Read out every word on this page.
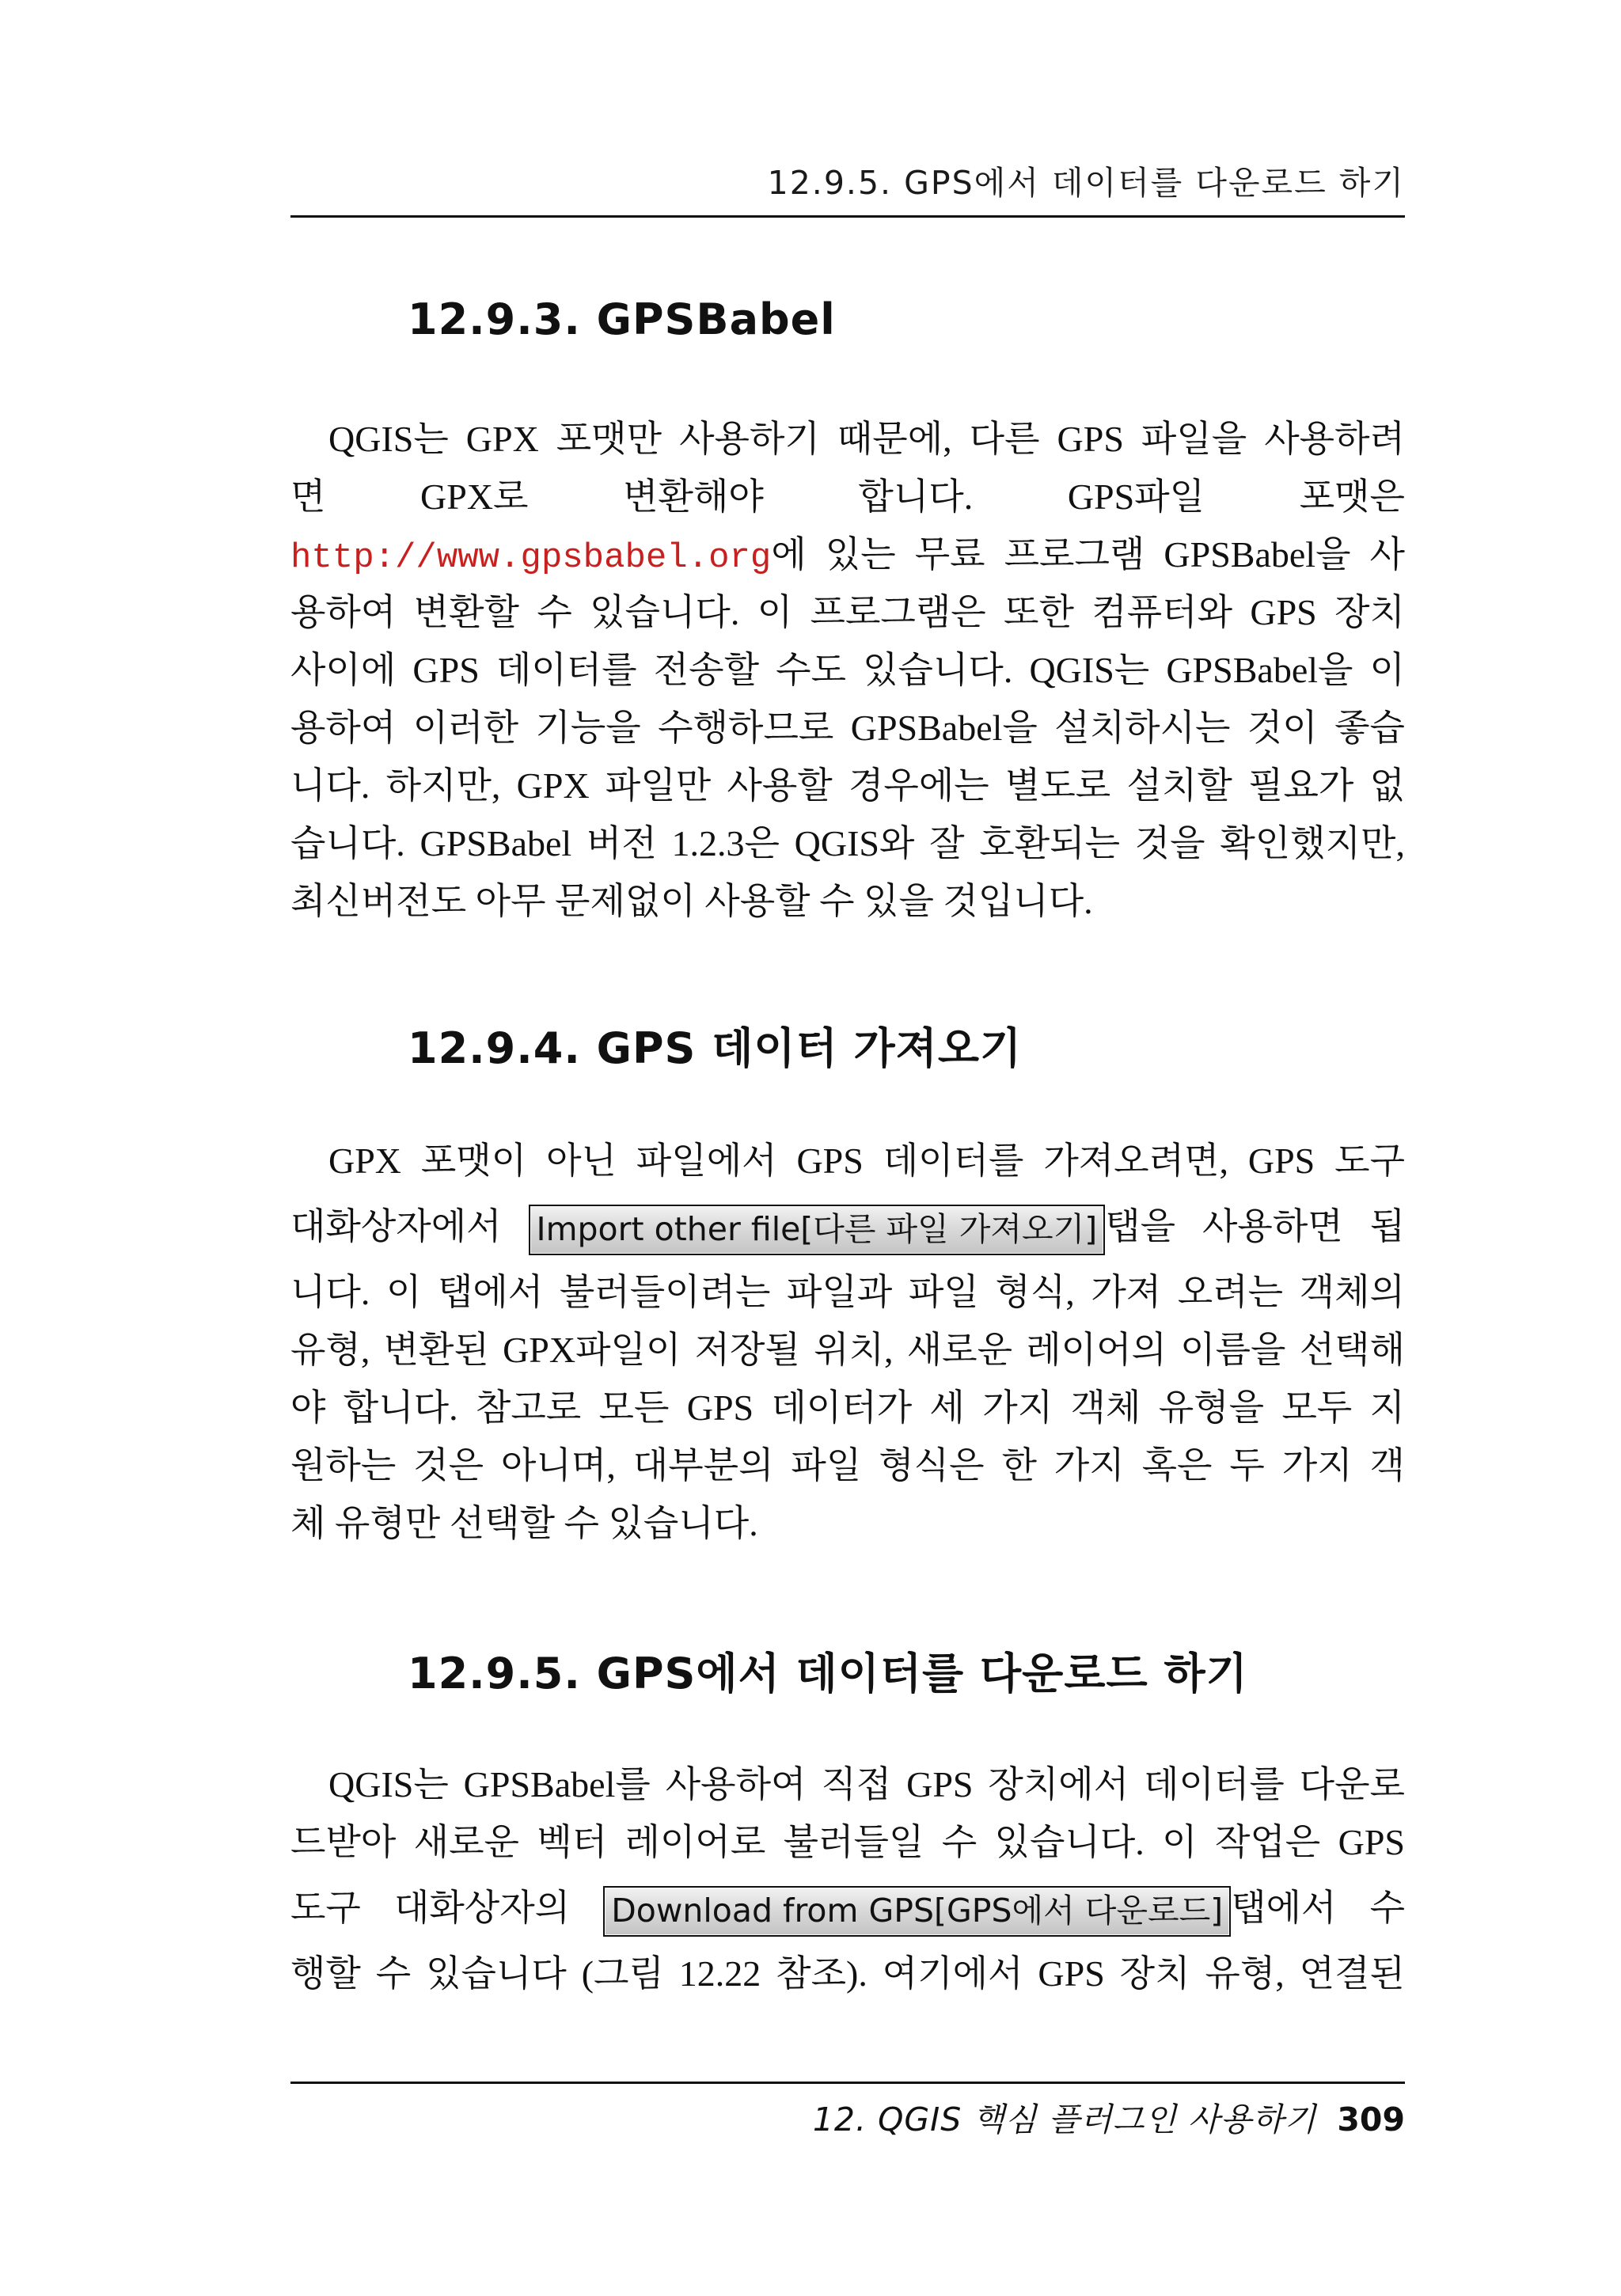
12.9.5. GPS에서 데이터를 다운로드 하기
12.9.3. GPSBabel
QGIS는 GPX 포맷만 사용하기 때문에, 다른 GPS 파일을 사용하려
면 GPX로 변환해야 합니다. GPS파일 포맷은
http://www.gpsbabel.org에 있는 무료 프로그램 GPSBabel을 사
용하여 변환할 수 있습니다. 이 프로그램은 또한 컴퓨터와 GPS 장치
사이에 GPS 데이터를 전송할 수도 있습니다. QGIS는 GPSBabel을 이
용하여 이러한 기능을 수행하므로 GPSBabel을 설치하시는 것이 좋습
니다. 하지만, GPX 파일만 사용할 경우에는 별도로 설치할 필요가 없
습니다. GPSBabel 버전 1.2.3은 QGIS와 잘 호환되는 것을 확인했지만,
최신버전도 아무 문제없이 사용할 수 있을 것입니다.
12.9.4. GPS 데이터 가져오기
GPX 포맷이 아닌 파일에서 GPS 데이터를 가져오려면, GPS 도구
대화상자에서 Import other file[다른 파일 가져오기] 탭을 사용하면 됩
니다. 이 탭에서 불러들이려는 파일과 파일 형식, 가져 오려는 객체의
유형, 변환된 GPX파일이 저장될 위치, 새로운 레이어의 이름을 선택해
야 합니다. 참고로 모든 GPS 데이터가 세 가지 객체 유형을 모두 지
원하는 것은 아니며, 대부분의 파일 형식은 한 가지 혹은 두 가지 객
체 유형만 선택할 수 있습니다.
12.9.5. GPS에서 데이터를 다운로드 하기
QGIS는 GPSBabel를 사용하여 직접 GPS 장치에서 데이터를 다운로
드받아 새로운 벡터 레이어로 불러들일 수 있습니다. 이 작업은 GPS
도구 대화상자의 Download from GPS[GPS에서 다운로드] 탭에서 수
행할 수 있습니다 (그림 12.22 참조). 여기에서 GPS 장치 유형, 연결된
12. QGIS 핵심 플러그인 사용하기 309
